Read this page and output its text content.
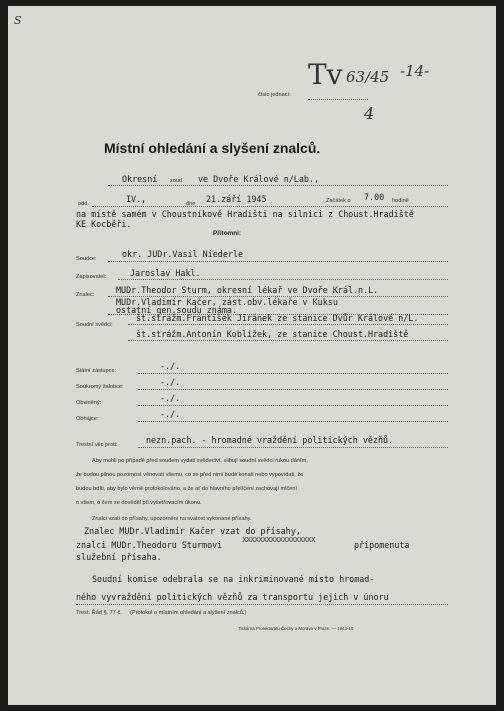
S
číslo jednací:
Tv 63/45 -14-
4
Místní ohledání a slyšení znalců.
Okresní soud ve Dvoře Králové n/Lab.,
odd.	IV.,	dne 21.září 1945	Začátek o 7.00 hodině
na místě samém v Choustníkově Hradišti na silnici z Choust.Hradiště
KE Kocběři.
Přítomni:
Soudce:	okr. JUDr.Vasil Niederle
Zapisovatel:	Jaroslav Hakl.
Znalec:	MUDr.Theodor Sturm, okresní lékař ve Dvoře Král.n.L.
MUDr.Vladimír Kačer, zást.obv.lékaře v Kuksu
ostatní gen.soudu známa.
Soudní svědci:
št.strážm.František Jiránek ze stanice Dvůr Králové n/L.
št.strážm.Antonín Koblížek, ze stanice Choust.Hradiště
Státní zástupce:	-./.
Soukromý žalobce:	-./.
Obviněný:	-./.
Obhájce:	-./.
Trestní věc proti:	nezn.pach. - hromadné vraždění politických vězňů.
Aby mohli po případě před soudem vydati svědectví, slibují soudní svědci rukou dáním,
že budou pilnou pozornost věnovati všemu, co se před nimi bude konati nebo vypovídati, že
budou bdíti, aby bylo věrně protokolováno, a že ať do hlavního přelíčení zachovají mlčení
o všem, o čem se dověděl při vyšetřovacím úkonu.
Znalci vzati do přísahy, upozorněni na svatost vykonané přísahy.
Znalec MUDr.Vladimír Kačer vzat do přísahy,
znalci MUDr.Theodoru Sturmovi
xxxxxxxxxxxxxxxxxx
připomenuta
služební přísaha.
Soudní komise odebrala se na inkriminované místo hromad-
ného vyvraždění politických vězňů za transportu jejich v únoru
Trest. Řád §. 77 č. (Protokol o místním ohledání a slyšení znalců.)
Tiskárna Protektorátu Čechy a Morava v Praze. — 1943-10.
